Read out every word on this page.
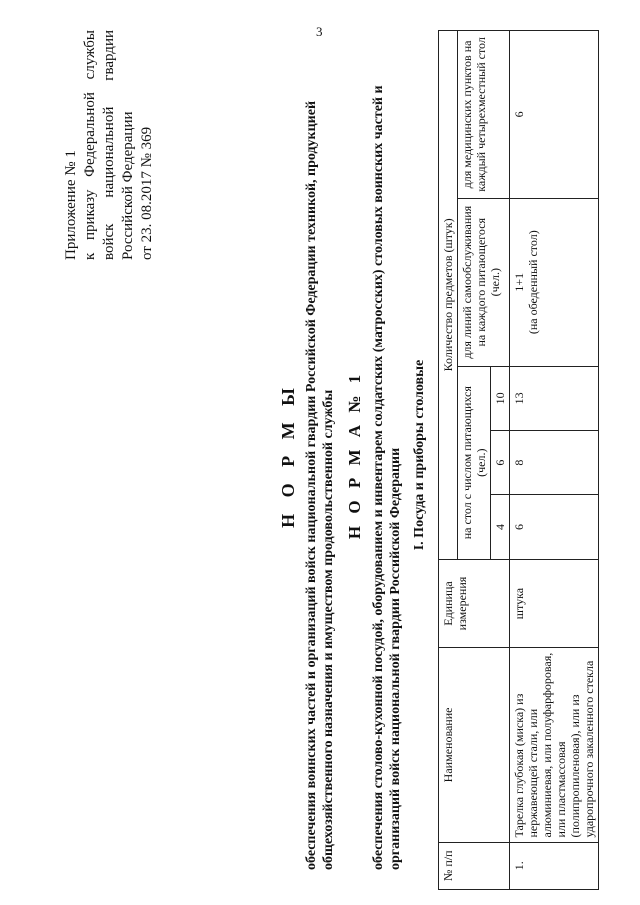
3
Приложение № 1 к приказу Федеральной службы войск национальной гвардии Российской Федерации от 23. 08.2017 № 369
Н О Р М Ы обеспечения воинских частей и организаций войск национальной гвардии Российской Федерации техникой, продукцией общехозяйственного назначения и имуществом продовольственной службы Н О Р М А № 1 обеспечения столово-кухонной посудой, оборудованием и инвентарем солдатских (матросских) столовых воинских частей и организаций войск национальной гвардии Российской Федерации I. Посуда и приборы столовые
№ п/п	Наименование	Единица измерения	Количество предметов (штук)				
			на стол с числом питающихся (чел.)			для линий самообслуживания на каждого питающегося (чел.)	для медицинских пунктов на каждый четырехместный стол
			4	6	10		
1.	Тарелка глубокая (миска) из нержавеющей стали, или алюминиевая, или полуфарфоровая, или пластмассовая (полипропиленовая), или из ударопрочного закаленного стекла	штука	6	8	13	1+1 (на обеденный стол)	6
